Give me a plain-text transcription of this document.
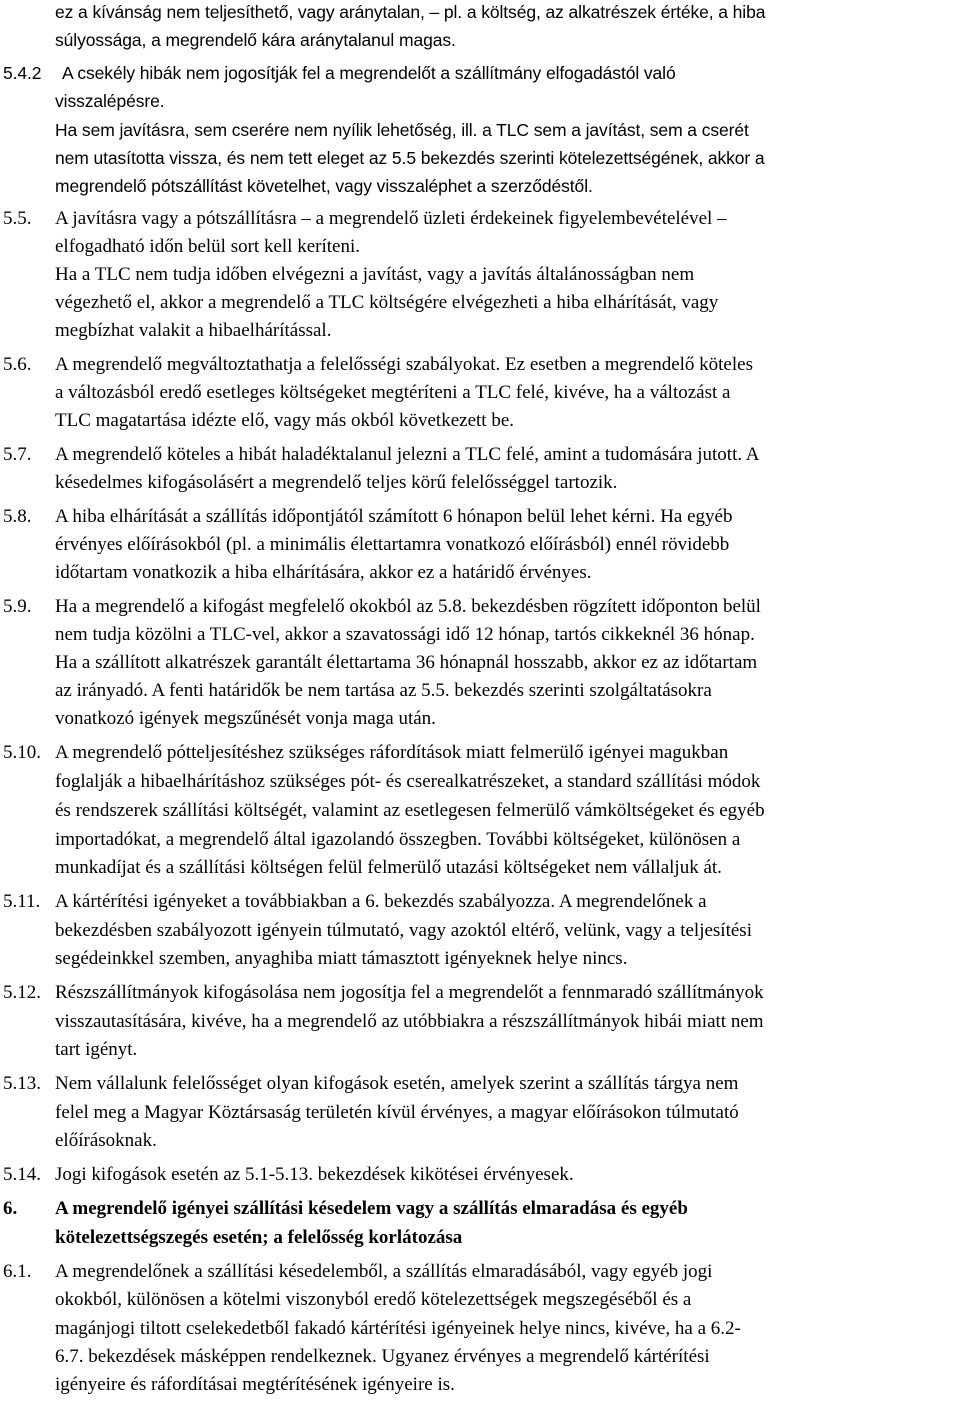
ez a kívánság nem teljesíthető, vagy aránytalan, – pl. a költség, az alkatrészek értéke, a hiba
súlyossága, a megrendelő kára aránytalanul magas.
5.4.2 A csekély hibák nem jogosítják fel a megrendelőt a szállítmány elfogadástól való
visszalépésre.
Ha sem javításra, sem cserére nem nyílik lehetőség, ill. a TLC sem a javítást, sem a cserét
nem utasította vissza, és nem tett eleget az 5.5 bekezdés szerinti kötelezettségének, akkor a
megrendelő pótszállítást követelhet, vagy visszaléphet a szerződéstől.
5.5. A javításra vagy a pótszállításra – a megrendelő üzleti érdekeinek figyelembevételével –
elfogadható időn belül sort kell keríteni.
Ha a TLC nem tudja időben elvégezni a javítást, vagy a javítás általánosságban nem
végezhető el, akkor a megrendelő a TLC költségére elvégezheti a hiba elhárítását, vagy
megbízhat valakit a hibaelhárítással.
5.6. A megrendelő megváltoztathatja a felelősségi szabályokat. Ez esetben a megrendelő köteles
a változásból eredő esetleges költségeket megtéríteni a TLC felé, kivéve, ha a változást a
TLC magatartása idézte elő, vagy más okból következett be.
5.7. A megrendelő köteles a hibát haladéktalanul jelezni a TLC felé, amint a tudomására jutott. A
késedelmes kifogásolásért a megrendelő teljes körű felelősséggel tartozik.
5.8. A hiba elhárítását a szállítás időpontjától számított 6 hónapon belül lehet kérni. Ha egyéb
érvényes előírásokból (pl. a minimális élettartamra vonatkozó előírásból) ennél rövidebb
időtartam vonatkozik a hiba elhárítására, akkor ez a határidő érvényes.
5.9. Ha a megrendelő a kifogást megfelelő okokból az 5.8. bekezdésben rögzített időponton belül
nem tudja közölni a TLC-vel, akkor a szavatossági idő 12 hónap, tartós cikkeknél 36 hónap.
Ha a szállított alkatrészek garantált élettartama 36 hónapnál hosszabb, akkor ez az időtartam
az irányadó. A fenti határidők be nem tartása az 5.5. bekezdés szerinti szolgáltatásokra
vonatkozó igények megszűnését vonja maga után.
5.10. A megrendelő pótteljesítéshez szükséges ráfordítások miatt felmerülő igényei magukban
foglalják a hibaelhárításhoz szükséges pót- és cserealkatrészeket, a standard szállítási módok
és rendszerek szállítási költségét, valamint az esetlegesen felmerülő vámköltségeket és egyéb
importadókat, a megrendelő által igazolandó összegben. További költségeket, különösen a
munkadíjat és a szállítási költségen felül felmerülő utazási költségeket nem vállaljuk át.
5.11. A kártérítési igényeket a továbbiakban a 6. bekezdés szabályozza. A megrendelőnek a
bekezdésben szabályozott igényein túlmutató, vagy azoktól eltérő, velünk, vagy a teljesítési
segédeinkkel szemben, anyaghiba miatt támasztott igényeknek helye nincs.
5.12. Részszállítmányok kifogásolása nem jogosítja fel a megrendelőt a fennmaradó szállítmányok
visszautasítására, kivéve, ha a megrendelő az utóbbiakra a részszállítmányok hibái miatt nem
tart igényt.
5.13. Nem vállalunk felelősséget olyan kifogások esetén, amelyek szerint a szállítás tárgya nem
felel meg a Magyar Köztársaság területén kívül érvényes, a magyar előírásokon túlmutató
előírásoknak.
5.14. Jogi kifogások esetén az 5.1-5.13. bekezdések kikötései érvényesek.
6. A megrendelő igényei szállítási késedelem vagy a szállítás elmaradása és egyéb
kötelezettségszegés esetén; a felelősség korlátozása
6.1. A megrendelőnek a szállítási késedelemből, a szállítás elmaradásából, vagy egyéb jogi
okokból, különösen a kötelmi viszonyból eredő kötelezettségek megszegéséből és a
magánjogi tiltott cselekedetből fakadó kártérítési igényeinek helye nincs, kivéve, ha a 6.2-
6.7. bekezdések másképpen rendelkeznek. Ugyanez érvényes a megrendelő kártérítési
igényeire és ráfordításai megtérítésének igényeire is.
